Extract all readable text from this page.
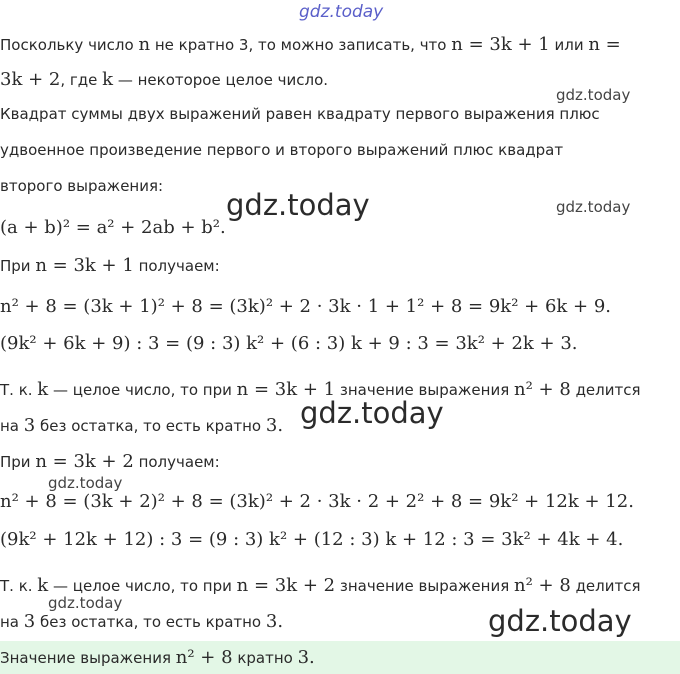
gdz.today
Поскольку число n не кратно 3, то можно записать, что n = 3k + 1 или n =
3k + 2, где k — некоторое целое число.
gdz.today
Квадрат суммы двух выражений равен квадрату первого выражения плюс
удвоенное произведение первого и второго выражений плюс квадрат
второго выражения:
(a + b)² = a² + 2ab + b².
gdz.today	gdz.today
При n = 3k + 1 получаем:
n² + 8 = (3k + 1)² + 8 = (3k)² + 2 · 3k · 1 + 1² + 8 = 9k² + 6k + 9.
(9k² + 6k + 9) : 3 = (9 : 3) k² + (6 : 3) k + 9 : 3 = 3k² + 2k + 3.
Т. к. k — целое число, то при n = 3k + 1 значение выражения n² + 8 делится
на 3 без остатка, то есть кратно 3. gdz.today
При n = 3k + 2 получаем:
gdz.today
n² + 8 = (3k + 2)² + 8 = (3k)² + 2 · 3k · 2 + 2² + 8 = 9k² + 12k + 12.
(9k² + 12k + 12) : 3 = (9 : 3) k² + (12 : 3) k + 12 : 3 = 3k² + 4k + 4.
Т. к. k — целое число, то при n = 3k + 2 значение выражения n² + 8 делится
gdz.today
на 3 без остатка, то есть кратно 3.	gdz.today
Значение выражения n² + 8 кратно 3.
